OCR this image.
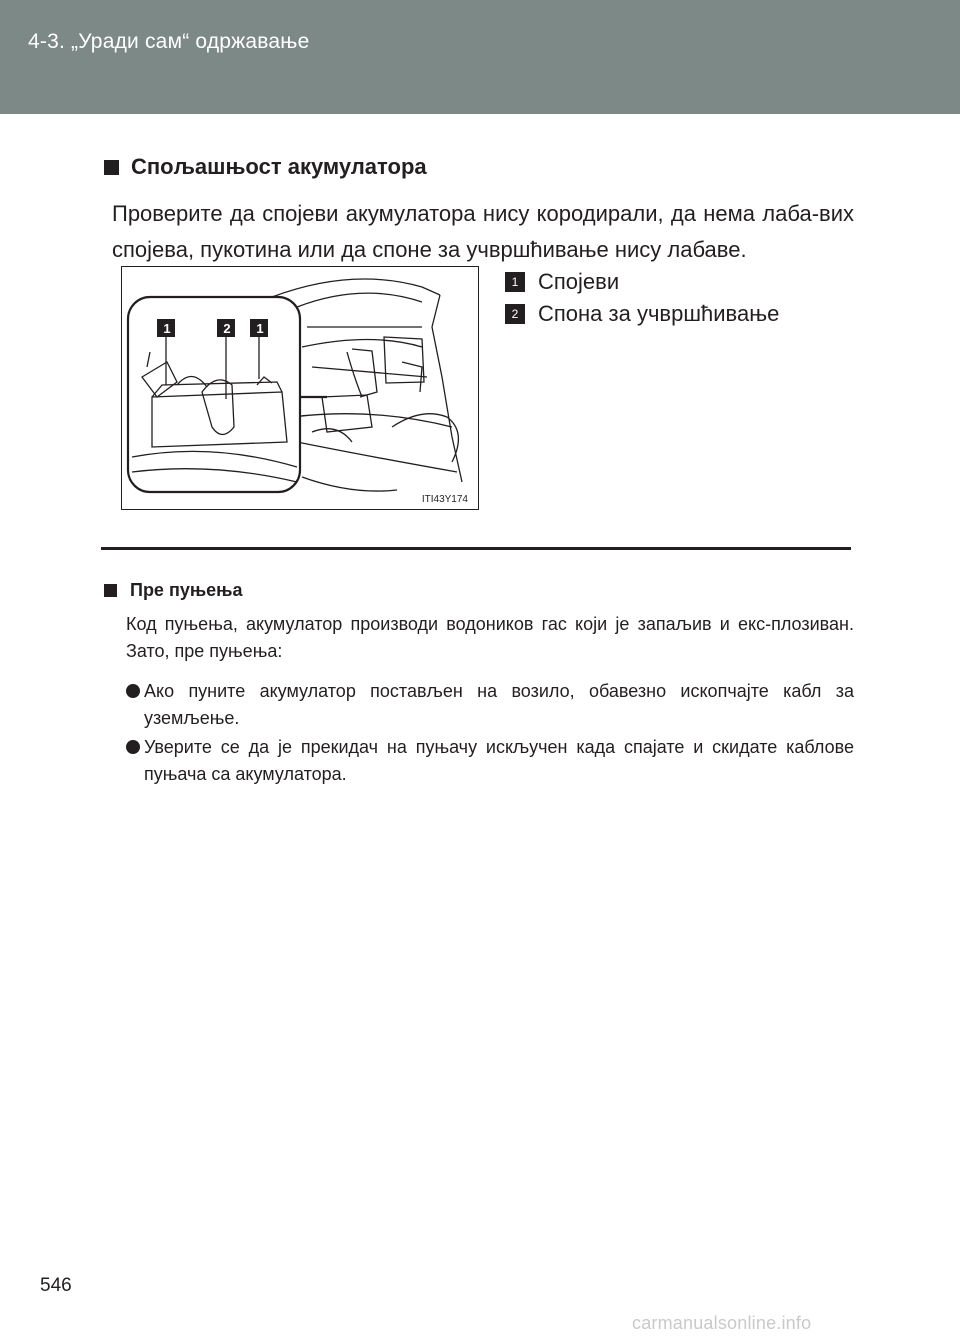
4-3. „Уради сам“ одржавање
Спољашњост акумулатора
Проверите да спојеви акумулатора нису кородирали, да нема лаба-вих спојева, пукотина или да споне за учвршћивање нису лабаве.
1	2	1
ITI43Y174
1 Спојеви
2 Спона за учвршћивање
Пре пуњења
Код пуњења, акумулатор производи водоников гас који је запаљив и екс-плозиван. Зато, пре пуњења:
Ако пуните акумулатор постављен на возило, обавезно ископчајте кабл за уземљење.
Уверите се да је прекидач на пуњачу искључен када спајате и скидате каблове пуњача са акумулатора.
546
carmanualsonline.info
